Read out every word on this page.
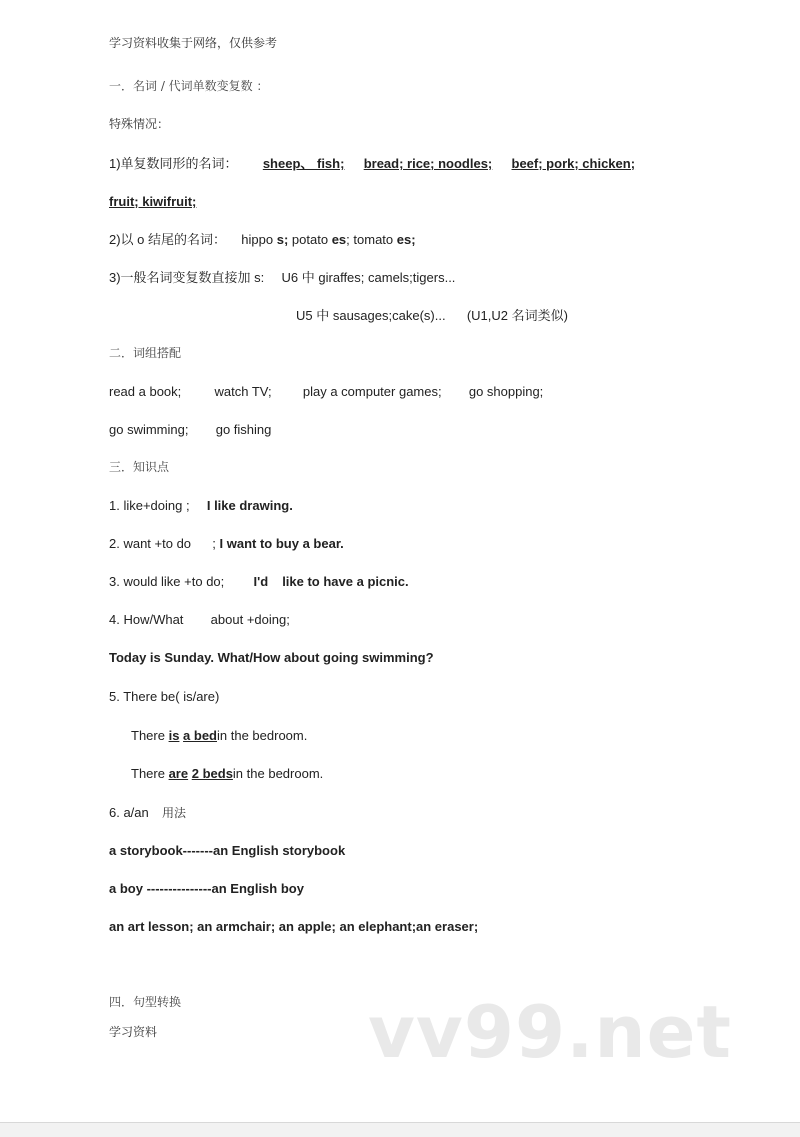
学习资料收集于网络，仅供参考
一．名词 / 代词单数变复数 ：
特殊情况：
1)单复数同形的名词： sheep、 fish; bread; rice; noodles; beef; pork; chicken;
fruit; kiwifruit;
2)以 o 结尾的名词： hippo s; potato es; tomato es;
3)一般名词变复数直接加 s: U6 中 giraffes; camels;tigers...
U5 中 sausages;cake(s)... (U1,U2 名词类似)
二．词组搭配
read a book;	watch TV; play a computer games; go shopping;
go swimming; go fishing
三．知识点
1. like+doing ; I like drawing.
2. want +to do ; I want to buy a bear.
3. would like +to do; I'd like to have a picnic.
4. How/What about +doing;
Today is Sunday. What/How about going swimming?
5. There be( is/are)
There is a bedin the bedroom.
There are 2 bedsin the bedroom.
6. a/an 用法
a storybook-------an English storybook
a boy ---------------an English boy
an art lesson; an armchair; an apple; an elephant;an eraser;
四．句型转换	vv99.net
学习资料
